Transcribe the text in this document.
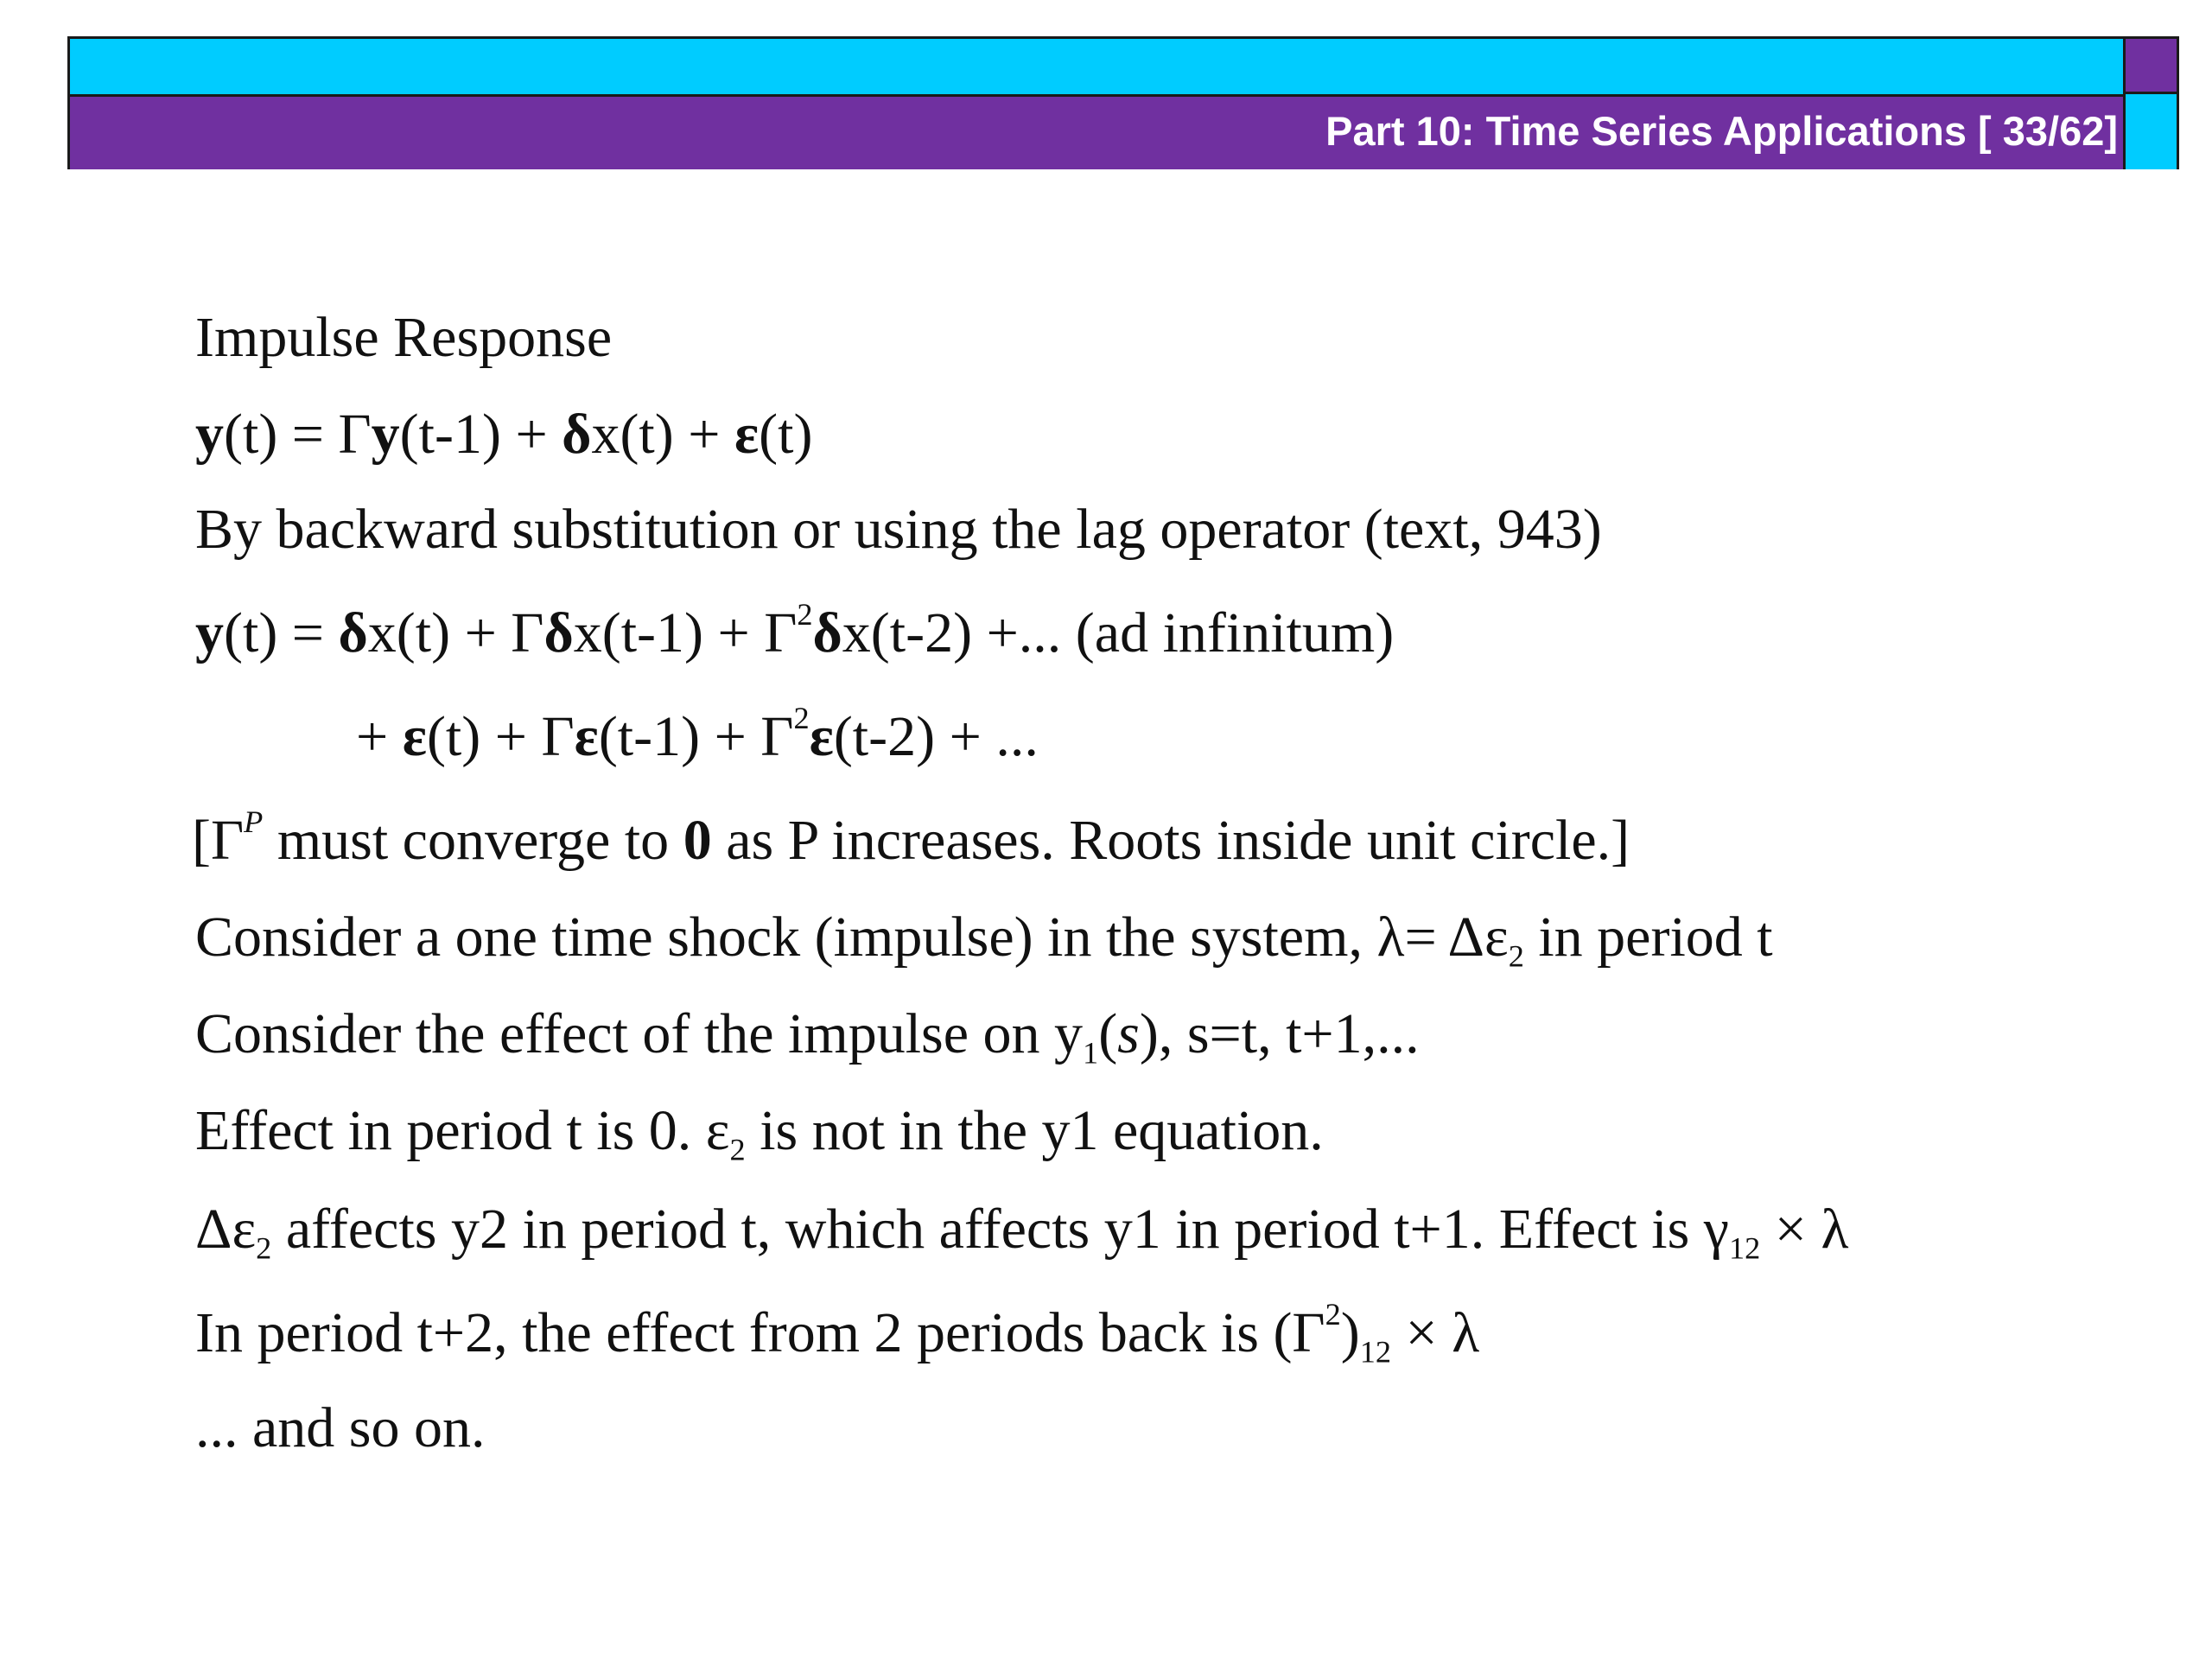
Part 10: Time Series Applications [ 33/62]
Impulse Response
y(t) = Γy(t-1) + δx(t) + ε(t)
By backward substitution or using the lag operator (text, 943)
$y(t) = \delta x(t) + \Gamma\delta x(t-1) + \Gamma^2\delta x(t-2)$ +... (ad infinitum)
+ $\varepsilon(t) + \Gamma\varepsilon(t-1) + \Gamma^2\varepsilon(t-2)$ + ...
[$\Gamma^P$ must converge to 0 as P increases. Roots inside unit circle.]
Consider a one time shock (impulse) in the system, $\lambda= \Delta\varepsilon_2$ in period t
Consider the effect of the impulse on $y_1(s)$, s=t, t+1,...
Effect in period t is 0. $\varepsilon_2$ is not in the y1 equation.
$\Delta\varepsilon_2$ affects y2 in period t, which affects y1 in period t+1. Effect is $\gamma_{12} \times \lambda$
In period t+2, the effect from 2 periods back is $(\Gamma^2)_{12} \times \lambda$
... and so on.
